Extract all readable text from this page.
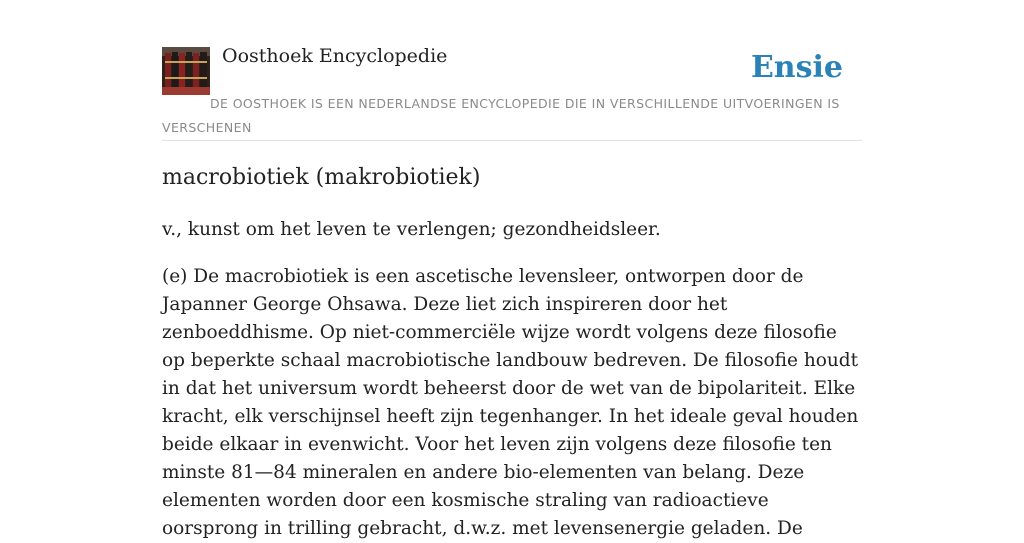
Oosthoek Encyclopedie	Ensie
DE OOSTHOEK IS EEN NEDERLANDSE ENCYCLOPEDIE DIE IN VERSCHILLENDE UITVOERINGEN IS VERSCHENEN
macrobiotiek (makrobiotiek)

v., kunst om het leven te verlengen; gezondheidsleer.

(e) De macrobiotiek is een ascetische levensleer, ontworpen door de Japanner George Ohsawa. Deze liet zich inspireren door het zenboeddhisme. Op niet-commerciële wijze wordt volgens deze filosofie op beperkte schaal macrobiotische landbouw bedreven. De filosofie houdt in dat het universum wordt beheerst door de wet van de bipolariteit. Elke kracht, elk verschijnsel heeft zijn tegenhanger. In het ideale geval houden beide elkaar in evenwicht. Voor het leven zijn volgens deze filosofie ten minste 81—84 mineralen en andere bio-elementen van belang. Deze elementen worden door een kosmische straling van radioactieve oorsprong in trilling gebracht, d.w.z. met levensenergie geladen. De
